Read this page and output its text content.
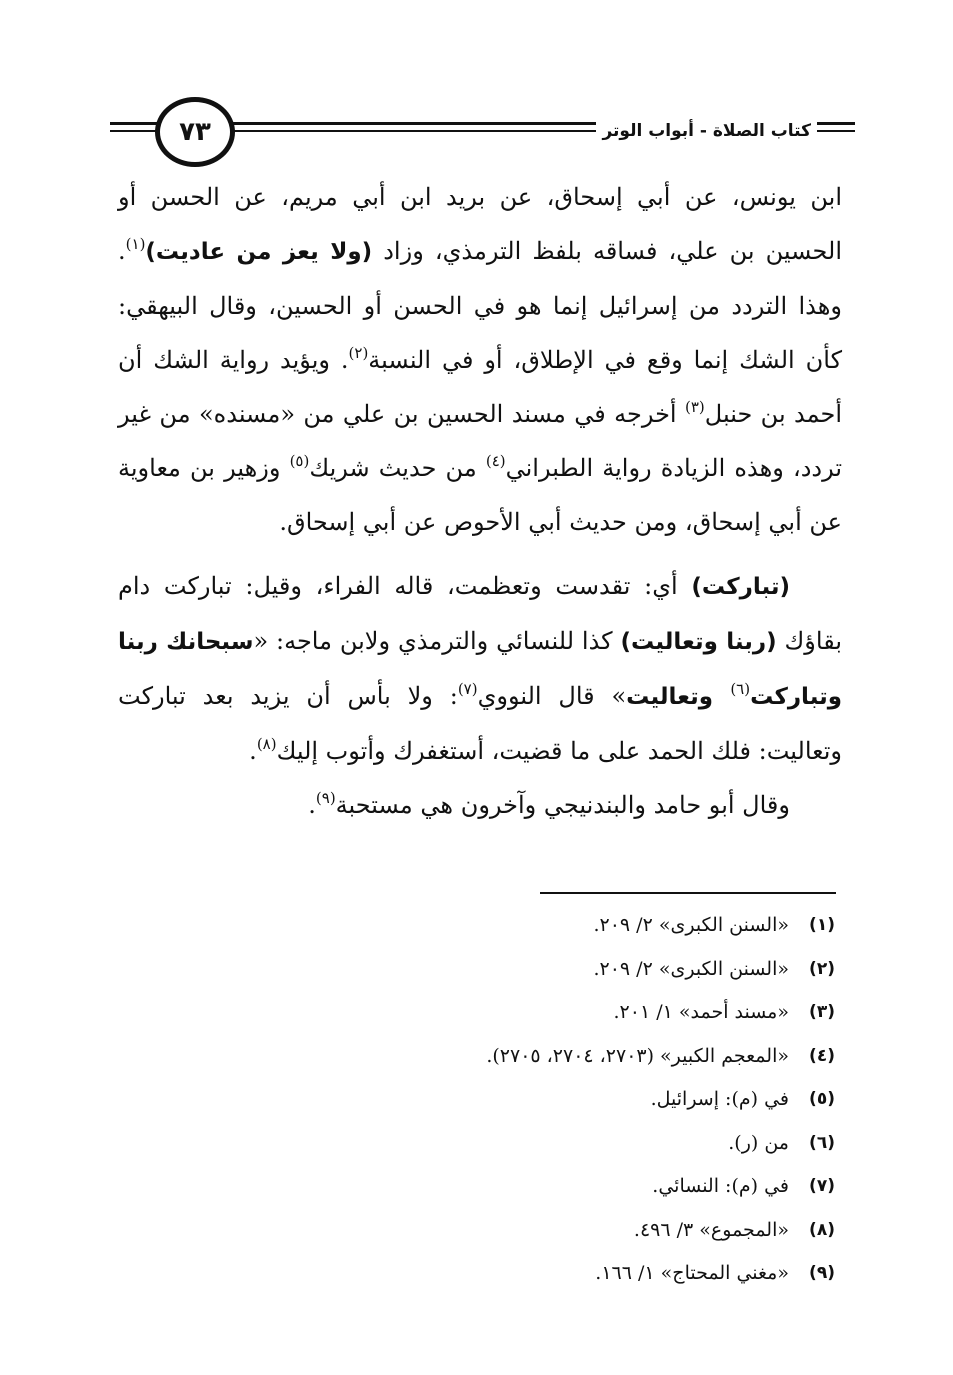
٧٣	كتاب الصلاة - أبواب الوتر

ابن يونس، عن أبي إسحاق، عن بريد ابن أبي مريم، عن الحسن أو الحسين بن علي، فساقه بلفظ الترمذي، وزاد (ولا يعز من عاديت)$^{(١)}$. وهذا التردد من إسرائيل إنما هو في الحسن أو الحسين، وقال البيهقي: كأن الشك إنما وقع في الإطلاق، أو في النسبة$^{(٢)}$. ويؤيد رواية الشك أن أحمد بن حنبل$^{(٣)}$ أخرجه في مسند الحسين بن علي من «مسنده» من غير تردد، وهذه الزيادة رواية الطبراني$^{(٤)}$ من حديث شريك$^{(٥)}$ وزهير بن معاوية عن أبي إسحاق، ومن حديث أبي الأحوص عن أبي إسحاق.

(تباركت) أي: تقدست وتعظمت، قاله الفراء، وقيل: تباركت دام بقاؤك (ربنا وتعاليت) كذا للنسائي والترمذي ولابن ماجه: «سبحانك ربنا وتباركت$^{(٦)}$ وتعاليت» قال النووي$^{(٧)}$: ولا بأس أن يزيد بعد تباركت وتعاليت: فلك الحمد على ما قضيت، أستغفرك وأتوب إليك$^{(٨)}$.

وقال أبو حامد والبندنيجي وآخرون هي مستحبة$^{(٩)}$.

(١)
«السنن الكبرى» ٢/ ٢٠٩.
(٢)
«السنن الكبرى» ٢/ ٢٠٩.
(٣)
«مسند أحمد» ١/ ٢٠١.
(٤)
«المعجم الكبير» (٢٧٠٣، ٢٧٠٤، ٢٧٠٥).
(٥)
في (م): إسرائيل.
(٦)
من (ر).
(٧)
في (م): النسائي.
(٨)
«المجموع» ٣/ ٤٩٦.
(٩)
«مغني المحتاج» ١/ ١٦٦.
